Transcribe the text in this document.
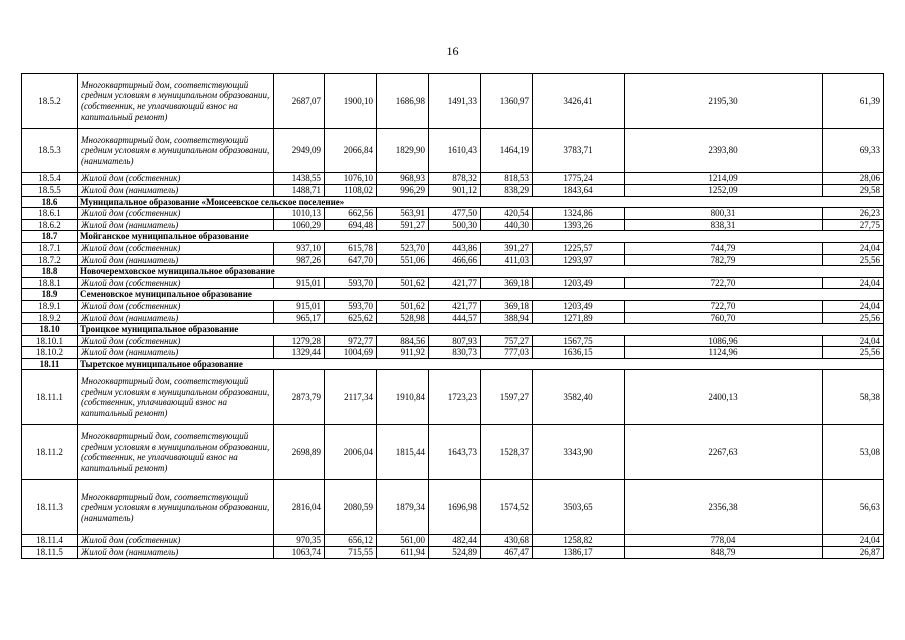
16
18.5.2	Многоквартирный дом, соответствующий средним условиям в муниципальном образовании, (собственник, не уплачивающий взнос на капитальный ремонт)	2687,07	1900,10	1686,98	1491,33	1360,97	3426,41	2195,30	61,39
18.5.3	Многоквартирный дом, соответствующий средним условиям в муниципальном образовании, (наниматель)	2949,09	2066,84	1829,90	1610,43	1464,19	3783,71	2393,80	69,33
18.5.4	Жилой дом (собственник)	1438,55	1076,10	968,93	878,32	818,53	1775,24	1214,09	28,06
18.5.5	Жилой дом (наниматель)	1488,71	1108,02	996,29	901,12	838,29	1843,64	1252,09	29,58
18.6	Муниципальное образование «Моисеевское сельское поселение»								
18.6.1	Жилой дом (собственник)	1010,13	662,56	563,91	477,50	420,54	1324,86	800,31	26,23
18.6.2	Жилой дом (наниматель)	1060,29	694,48	591,27	500,30	440,30	1393,26	838,31	27,75
18.7	Мойганское муниципальное образование								
18.7.1	Жилой дом (собственник)	937,10	615,78	523,70	443,86	391,27	1225,57	744,79	24,04
18.7.2	Жилой дом (наниматель)	987,26	647,70	551,06	466,66	411,03	1293,97	782,79	25,56
18.8	Новочеремховское муниципальное образование								
18.8.1	Жилой дом (собственник)	915,01	593,70	501,62	421,77	369,18	1203,49	722,70	24,04
18.9	Семеновское муниципальное образование								
18.9.1	Жилой дом (собственник)	915,01	593,70	501,62	421,77	369,18	1203,49	722,70	24,04
18.9.2	Жилой дом (наниматель)	965,17	625,62	528,98	444,57	388,94	1271,89	760,70	25,56
18.10	Троицкое муниципальное образование								
18.10.1	Жилой дом (собственник)	1279,28	972,77	884,56	807,93	757,27	1567,75	1086,96	24,04
18.10.2	Жилой дом (наниматель)	1329,44	1004,69	911,92	830,73	777,03	1636,15	1124,96	25,56
18.11	Тыретское муниципальное образование								
18.11.1	Многоквартирный дом, соответствующий средним условиям в муниципальном образовании, (собственник, уплачивающий взнос на капитальный ремонт)	2873,79	2117,34	1910,84	1723,23	1597,27	3582,40	2400,13	58,38
18.11.2	Многоквартирный дом, соответствующий средним условиям в муниципальном образовании, (собственник, не уплачивающий взнос на капитальный ремонт)	2698,89	2006,04	1815,44	1643,73	1528,37	3343,90	2267,63	53,08
18.11.3	Многоквартирный дом, соответствующий средним условиям в муниципальном образовании, (наниматель)	2816,04	2080,59	1879,34	1696,98	1574,52	3503,65	2356,38	56,63
18.11.4	Жилой дом (собственник)	970,35	656,12	561,00	482,44	430,68	1258,82	778,04	24,04
18.11.5	Жилой дом (наниматель)	1063,74	715,55	611,94	524,89	467,47	1386,17	848,79	26,87
